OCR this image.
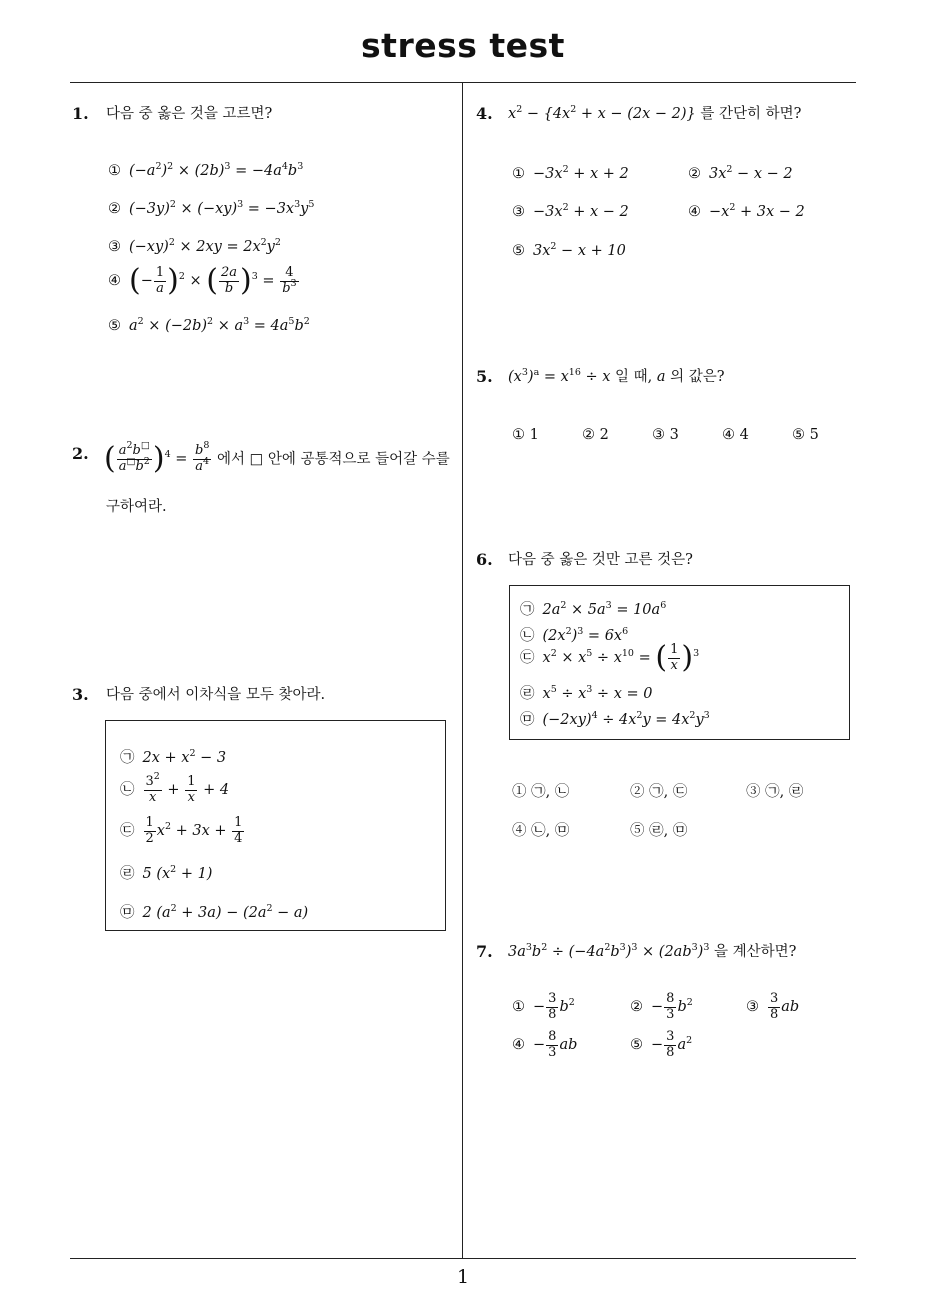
stress test
1
1. 다음 중 옳은 것을 고르면?
① $(-a^2)^2 \times (2b)^3 = -4a^4b^3$
② $(-3y)^2 \times (-xy)^3 = -3x^3y^5$
③ $(-xy)^2 \times 2xy = 2x^2y^2$
④ (− $\frac{1}{a} )^2$ × ( $\frac{2a}{b} )^3 = \frac{4}{b^3}$
⑤ $a^2 \times (-2b)^2 \times a^3 = 4a^5b^2$
2. ( $\frac{a^2b^□}{a^□b^2} )^4 = \frac{b^8}{a^4}$ 에서 □ 안에 공통적으로 들어갈 수를
구하여라.
3. 다음 중에서 이차식을 모두 찾아라.
㉠ $2x + x^2 - 3$
㉡ $\frac{3^2}{x} + \frac{1}{x} + 4$
㉢ $\frac{1}{2} x^2 + 3x + \frac{1}{4}$
㉣ 5 $(x^2 + 1)$
㉤ 2 $(a^2 + 3a) - (2a^2 - a)$
4. $x^2 - \{4x^2 + x - (2x - 2)\}$ 를 간단히 하면?
① $-3x^2 + x + 2$	② $3x^2 - x - 2$
③ $-3x^2 + x - 2$	④ $-x^2 + 3x - 2$
⑤ $3x^2 - x + 10$
5. $(x^3)^a = x^{16} \div x$ 일 때, a 의 값은?
① 1	② 2	③ 3	④ 4	⑤ 5
6. 다음 중 옳은 것만 고른 것은?
㉠ $2a^2 \times 5a^3 = 10a^6$
㉡ $(2x^2)^3 = 6x^6$
㉢ $x^2 \times x^5 \div x^{10}$ = ( $\frac{1}{x} )^3$
㉣ $x^5 \div x^3 \div x = 0$
㉤ $(-2xy)^4 \div 4x^2y = 4x^2y^3$
① ㉠, ㉡	② ㉠, ㉢	③ ㉠, ㉣
④ ㉡, ㉤	⑤ ㉣, ㉤
7. $3a^3b^2 \div (-4a^2b^3)^3 \times (2ab^3)^3$ 을 계산하면?
① − $\frac{3}{8} b^2$	② − $\frac{8}{3} b^2$	③ $\frac{3}{8}$ ab
④ − $\frac{8}{3}$ ab	⑤ − $\frac{3}{8} a^2$
